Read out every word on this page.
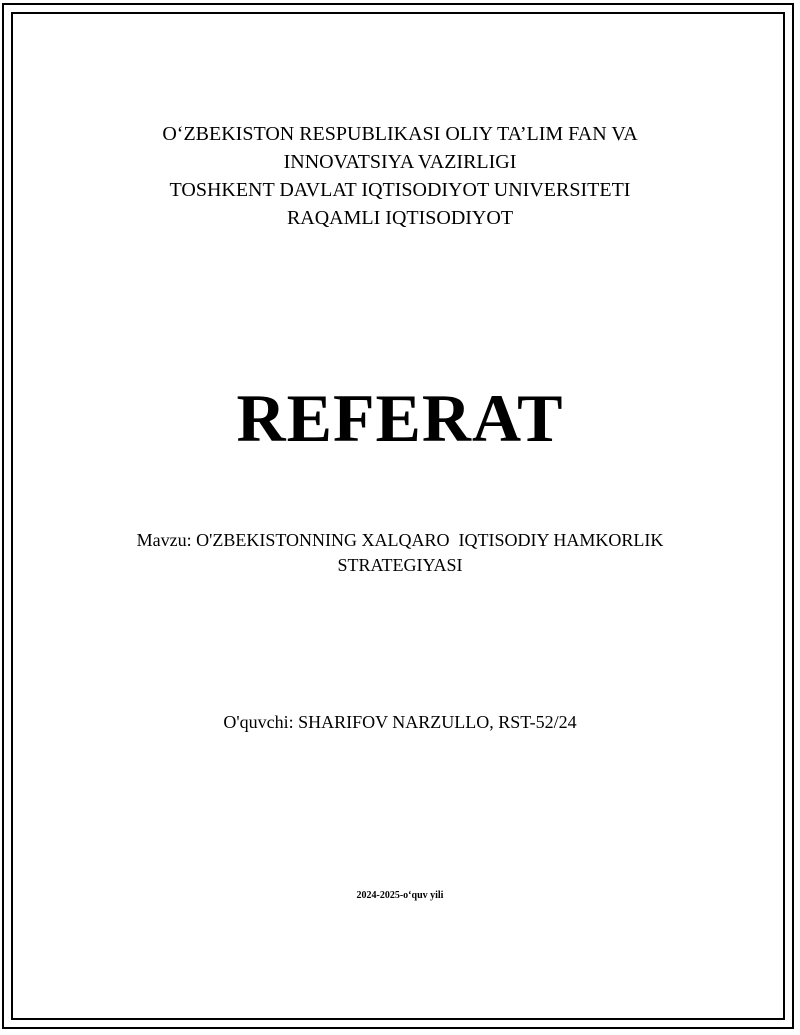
O‘ZBEKISTON RESPUBLIKASI OLIY TA’LIM FAN VA
INNOVATSIYA VAZIRLIGI
TOSHKENT DAVLAT IQTISODIYOT UNIVERSITETI
RAQAMLI IQTISODIYOT
REFERAT
Mavzu: O'ZBEKISTONNING XALQARO  IQTISODIY HAMKORLIK
STRATEGIYASI
O'quvchi: SHARIFOV NARZULLO, RST-52/24
2024-2025-o‘quv yili
